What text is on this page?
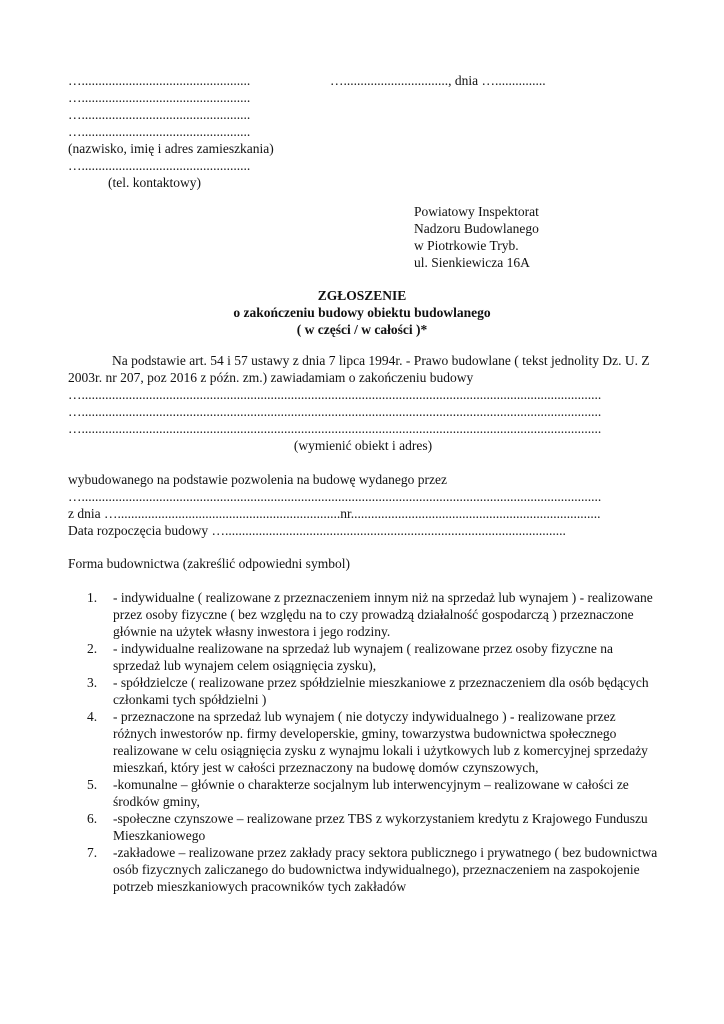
…..................................................
…..................................................
…..................................................
…..................................................
(nazwisko, imię i adres zamieszkania)
…..................................................
(tel. kontaktowy)
…..............................., dnia …...............
Powiatowy Inspektorat
Nadzoru Budowlanego
w Piotrkowie Tryb.
ul. Sienkiewicza 16A
ZGŁOSZENIE
o zakończeniu budowy obiektu budowlanego
( w części / w całości )*
Na podstawie art. 54 i 57 ustawy z dnia 7 lipca 1994r. - Prawo budowlane ( tekst jednolity Dz. U. Z 2003r. nr 207, poz 2016 z późn. zm.) zawiadamiam o zakończeniu budowy
…..........................................................................................................................................................
…..........................................................................................................................................................
…..........................................................................................................................................................
(wymienić obiekt i adres)
wybudowanego na podstawie pozwolenia na budowę wydanego przez
…..........................................................................................................................................................
z dnia …..................................................................nr..........................................................................
Data rozpoczęcia budowy ….....................................................................................................
Forma budownictwa (zakreślić odpowiedni symbol)
1. - indywidualne ( realizowane z przeznaczeniem innym niż na sprzedaż lub wynajem ) - realizowane przez osoby fizyczne ( bez względu na to czy prowadzą działalność gospodarczą ) przeznaczone głównie na użytek własny inwestora i jego rodziny.
2. - indywidualne realizowane na sprzedaż lub wynajem ( realizowane przez osoby fizyczne na sprzedaż lub wynajem celem osiągnięcia zysku),
3. - spółdzielcze ( realizowane przez spółdzielnie mieszkaniowe z przeznaczeniem dla osób będących członkami tych spółdzielni )
4. - przeznaczone na sprzedaż lub wynajem ( nie dotyczy indywidualnego ) - realizowane przez różnych inwestorów np. firmy developerskie, gminy, towarzystwa budownictwa społecznego realizowane w celu osiągnięcia zysku z wynajmu lokali i użytkowych lub z komercyjnej sprzedaży mieszkań, który jest w całości przeznaczony na budowę domów czynszowych,
5. -komunalne – głównie o charakterze socjalnym lub interwencyjnym – realizowane w całości ze środków gminy,
6. -społeczne czynszowe – realizowane przez TBS z wykorzystaniem kredytu z Krajowego Funduszu Mieszkaniowego
7. -zakładowe – realizowane przez zakłady pracy sektora publicznego i prywatnego ( bez budownictwa osób fizycznych zaliczanego do budownictwa indywidualnego), przeznaczeniem na zaspokojenie potrzeb mieszkaniowych pracowników tych zakładów
